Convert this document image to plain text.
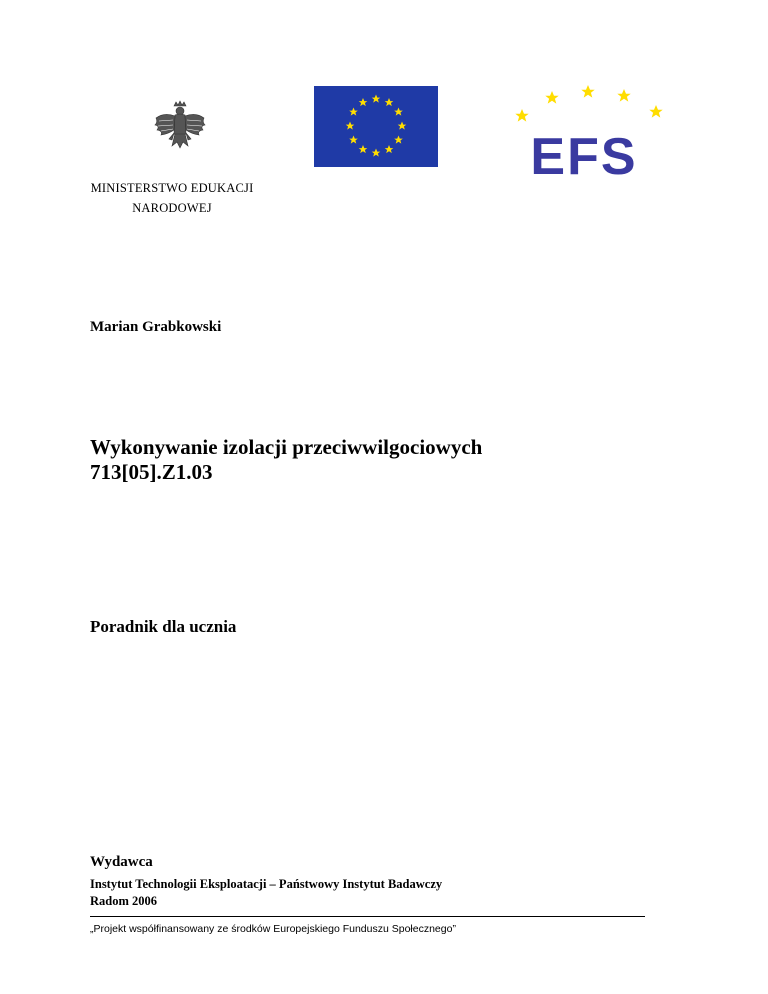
MINISTERSTWO EDUKACJI
NARODOWEJ
EFS
Marian Grabkowski
Wykonywanie izolacji przeciwwilgociowych
713[05].Z1.03
Poradnik dla ucznia
Wydawca
Instytut Technologii Eksploatacji – Państwowy Instytut Badawczy
Radom 2006
„Projekt współfinansowany ze środków Europejskiego Funduszu Społecznego”
